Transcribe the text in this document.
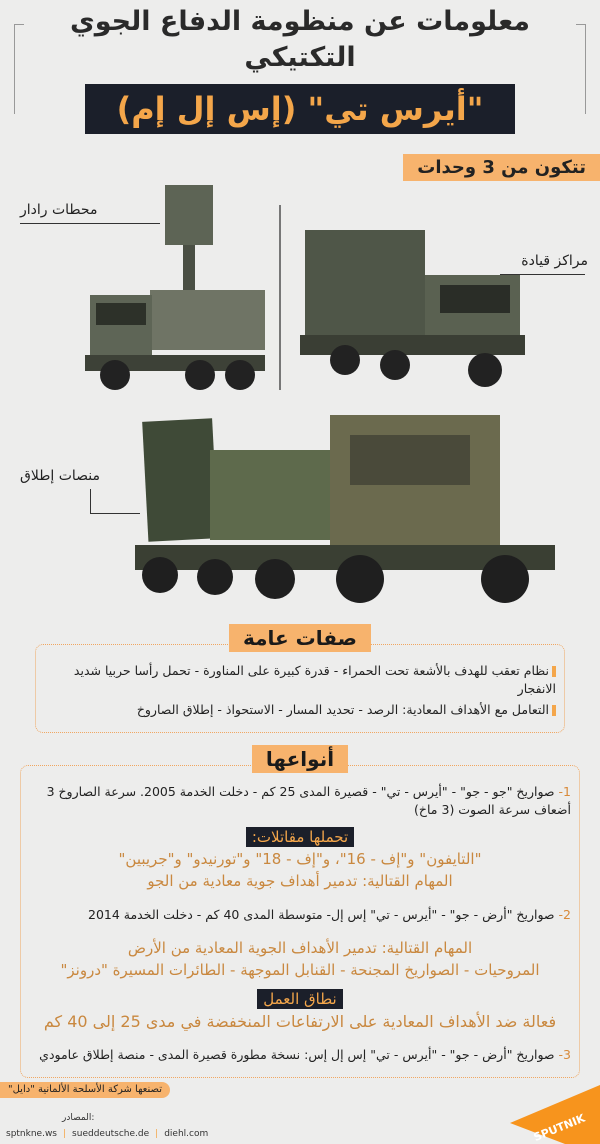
معلومات عن منظومة الدفاع الجوي التكتيكي
"أيرس تي" (إس إل إم)
تتكون من 3 وحدات
محطات رادار
مراكز قيادة
منصات إطلاق
صفات عامة
نظام تعقب للهدف بالأشعة تحت الحمراء - قدرة كبيرة على المناورة - تحمل رأسا حربيا شديد الانفجار
التعامل مع الأهداف المعادية: الرصد - تحديد المسار - الاستحواذ - إطلاق الصاروخ
أنواعها
1- صواريخ "جو - جو" - "أيرس - تي" - قصيرة المدى 25 كم - دخلت الخدمة 2005. سرعة الصاروخ 3 أضعاف سرعة الصوت (3 ماخ)
تحملها مقاتلات:
"التايفون" و"إف - 16"، و"إف - 18" و"تورنيدو" و"جريبين"
المهام القتالية: تدمير أهداف جوية معادية من الجو
2- صواريخ "أرض - جو" - "أيرس - تي" إس إل- متوسطة المدى 40 كم - دخلت الخدمة 2014
المهام القتالية: تدمير الأهداف الجوية المعادية من الأرض
المروحيات - الصواريخ المجنحة - القنابل الموجهة - الطائرات المسيرة "درونز"
نطاق العمل
فعالة ضد الأهداف المعادية على الارتفاعات المنخفضة في مدى 25 إلى 40 كم
3- صواريخ "أرض - جو" - "أيرس - تي" إس إل إس: نسخة مطورة قصيرة المدى - منصة إطلاق عامودي
تصنعها شركة الأسلحة الألمانية "دايل"
المصادر:
sptnkne.ws | sueddeutsche.de | diehl.com	SPUTNIK
